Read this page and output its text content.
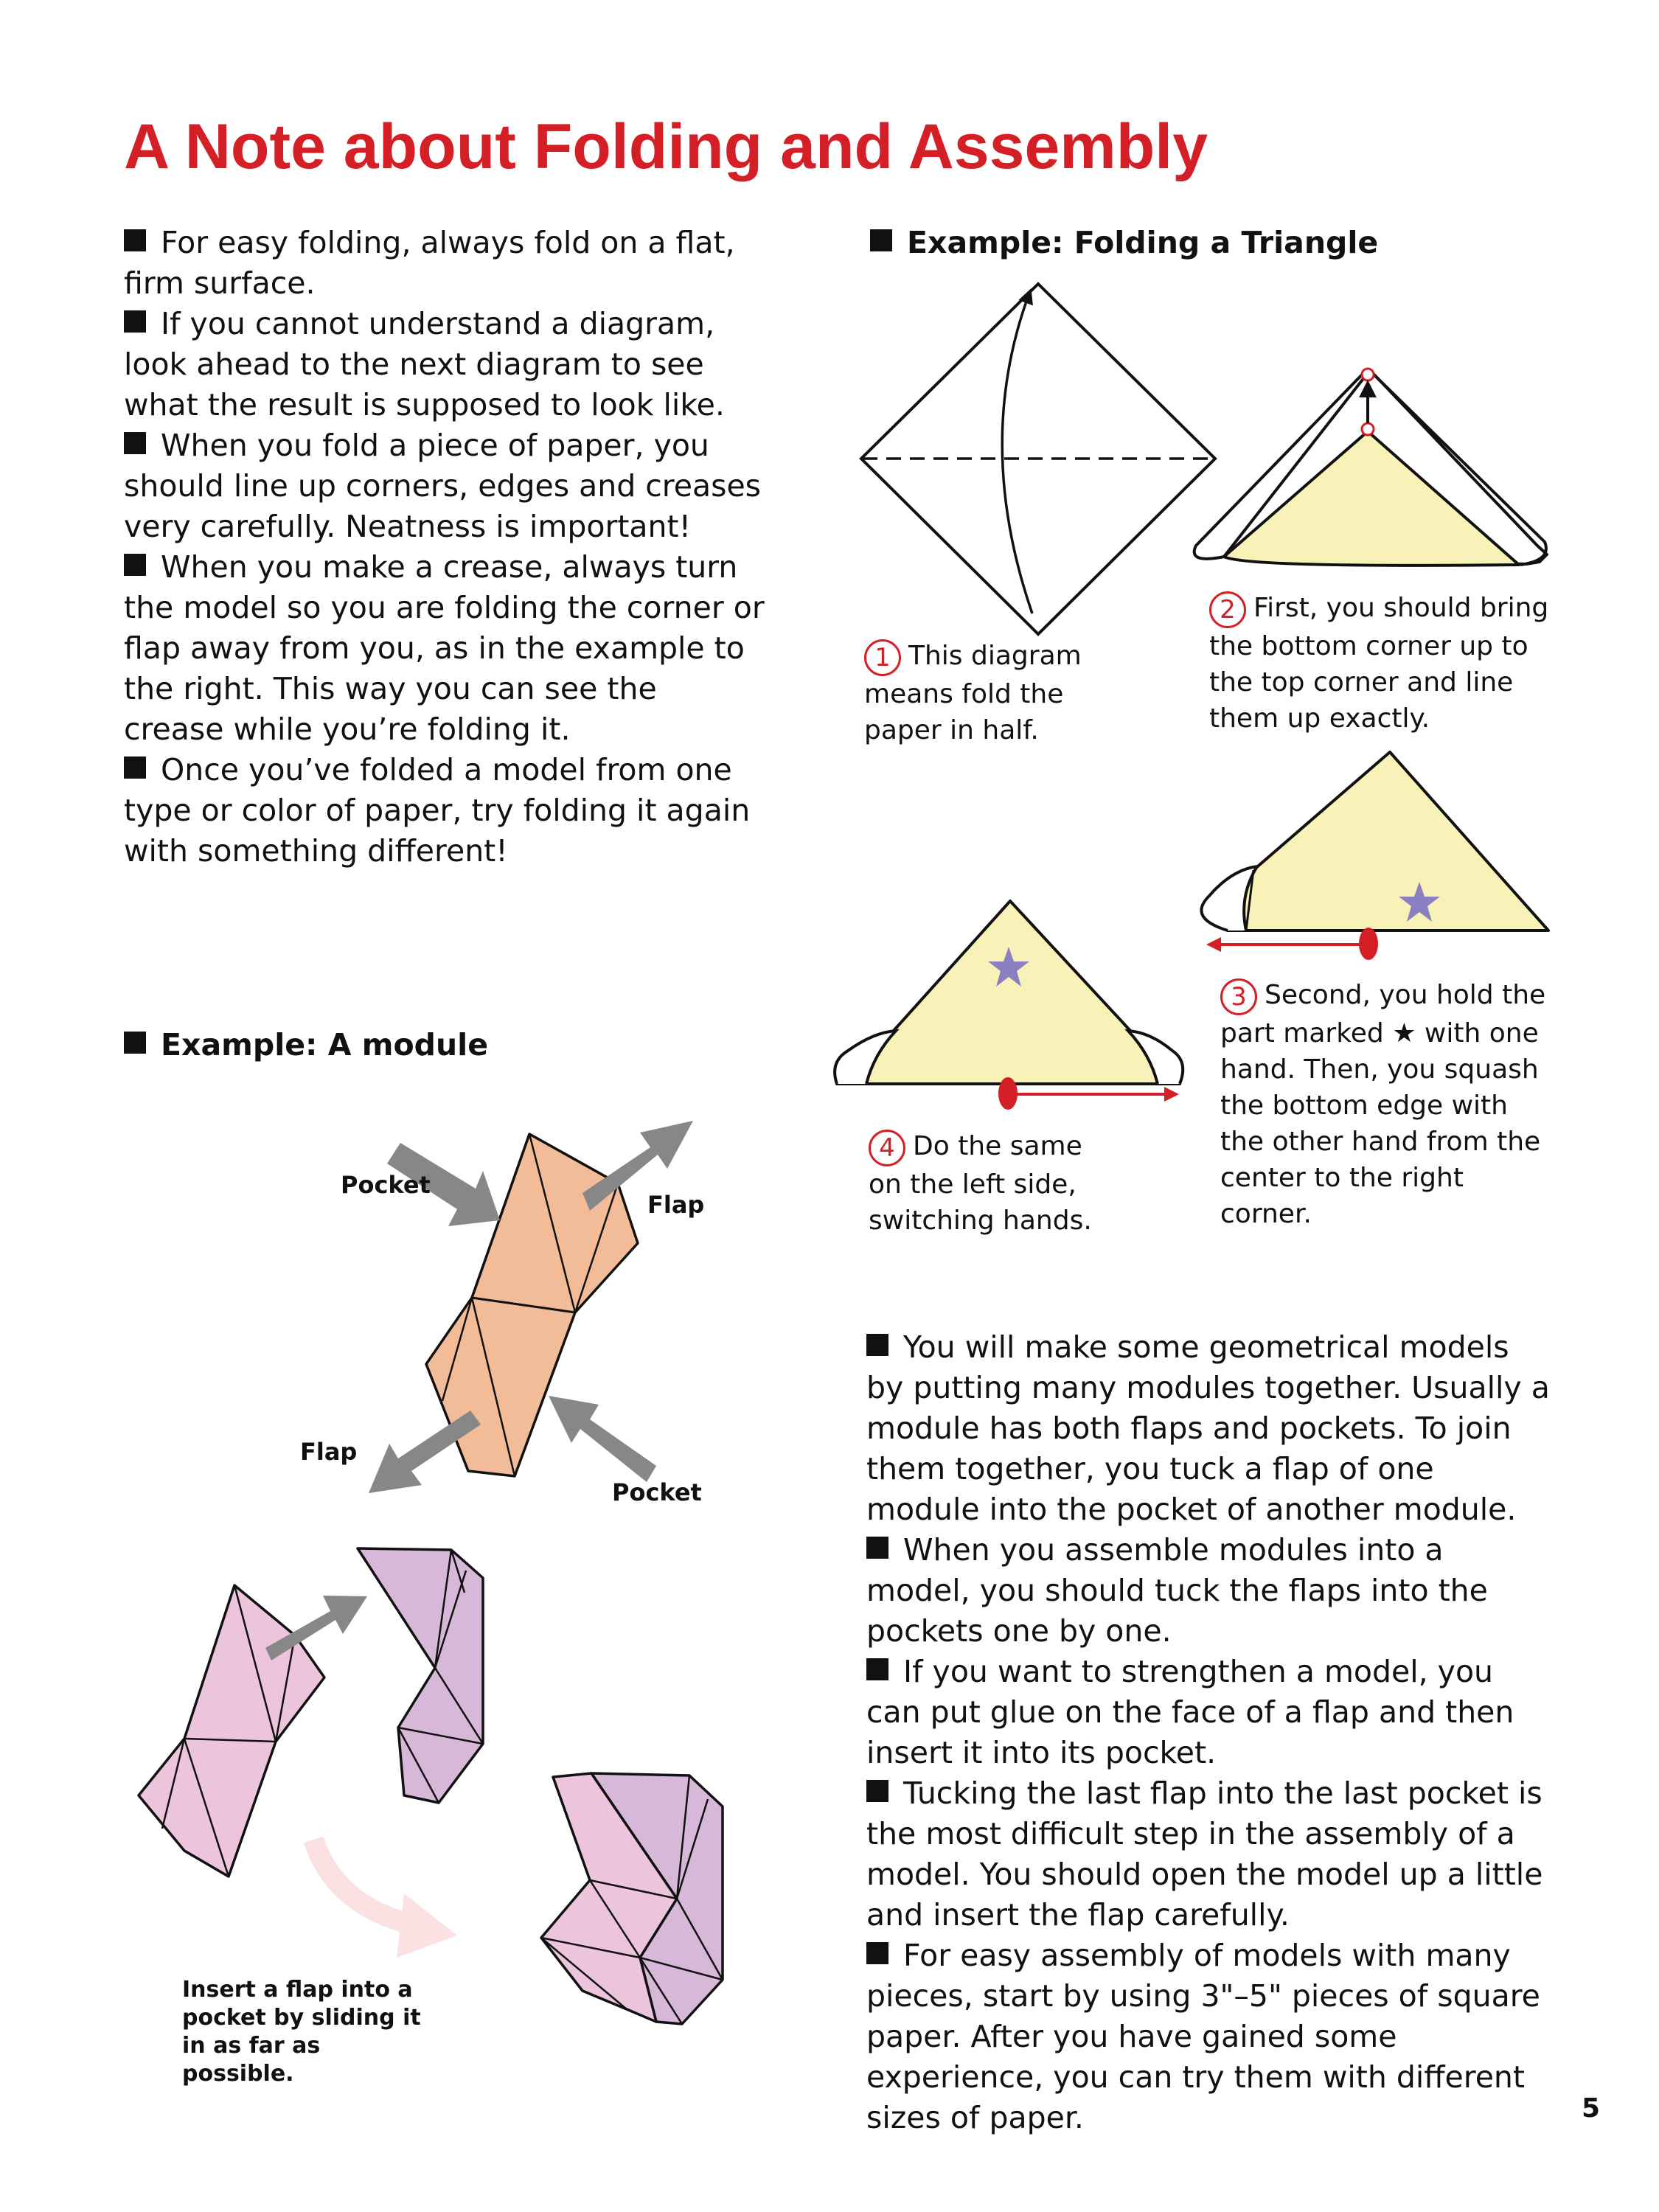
A Note about Folding and Assembly

For easy folding, always fold on a flat, firm surface.

If you cannot understand a diagram, look ahead to the next diagram to see what the result is supposed to look like.

When you fold a piece of paper, you should line up corners, edges and creases very carefully. Neatness is important!

When you make a crease, always turn the model so you are folding the corner or flap away from you, as in the example to the right. This way you can see the crease while you’re folding it.

Once you’ve folded a model from one type or color of paper, try folding it again with something different!

Example: Folding a Triangle
1 This diagram means fold the paper in half.
2 First, you should bring the bottom corner up to the top corner and line them up exactly.
3 Second, you hold the part marked ★ with one hand. Then, you squash the bottom edge with the other hand from the center to the right corner.
4 Do the same on the left side, switching hands.
Example: A module
Pocket
Flap
Flap
Pocket
Insert a flap into a pocket by sliding it in as far as possible.

You will make some geometrical models by putting many modules together. Usually a module has both flaps and pockets. To join them together, you tuck a flap of one module into the pocket of another module.

When you assemble modules into a model, you should tuck the flaps into the pockets one by one.

If you want to strengthen a model, you can put glue on the face of a flap and then insert it into its pocket.

Tucking the last flap into the last pocket is the most difficult step in the assembly of a model. You should open the model up a little and insert the flap carefully.

For easy assembly of models with many pieces, start by using 3"–5" pieces of square paper. After you have gained some experience, you can try them with different sizes of paper.	5
